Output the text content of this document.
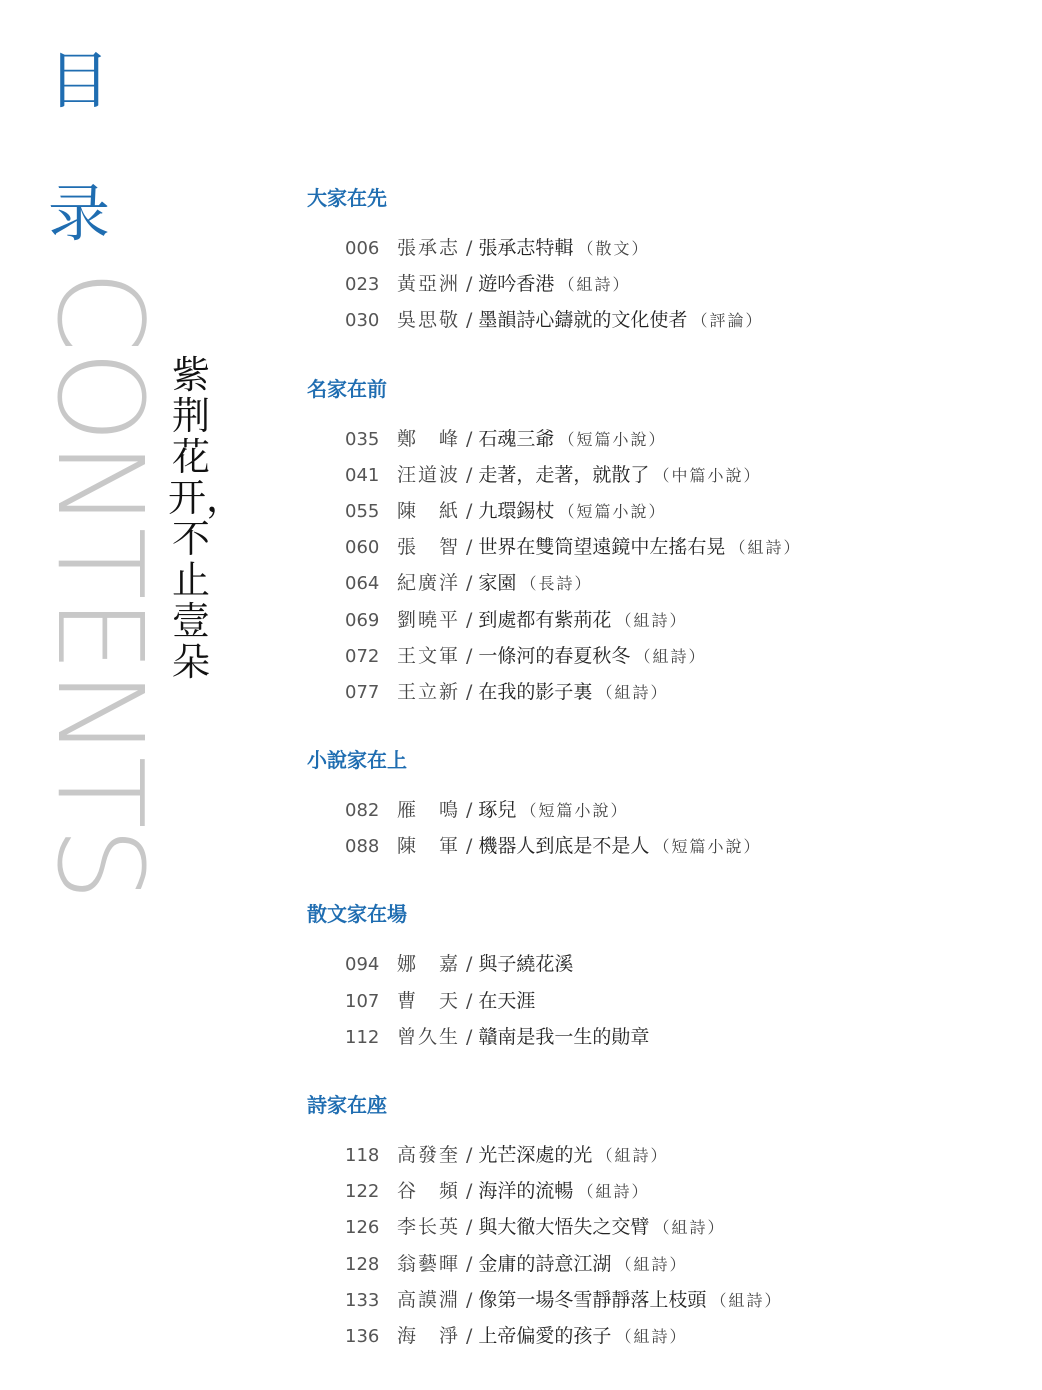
目
录
CONTENTS 紫荆花开，不止壹朵
大家在先
006 張承志 / 張承志特輯 （散文）
023 黃亞洲 / 遊吟香港 （組詩）
030 吳思敬 / 墨韻詩心鑄就的文化使者 （評論）
名家在前
035 鄭　峰 / 石魂三爺 （短篇小說）
041 汪道波 / 走著，走著，就散了 （中篇小說）
055 陳　紙 / 九環錫杖 （短篇小說）
060 張　智 / 世界在雙筒望遠鏡中左搖右晃 （組詩）
064 紀廣洋 / 家園 （長詩）
069 劉曉平 / 到處都有紫荊花 （組詩）
072 王文軍 / 一條河的春夏秋冬 （組詩）
077 王立新 / 在我的影子裏 （組詩）
小說家在上
082 雁　鳴 / 琢兒 （短篇小說）
088 陳　軍 / 機器人到底是不是人 （短篇小說）
散文家在場
094 娜　嘉 / 與子繞花溪
107 曹　天 / 在天涯
112 曾久生 / 贛南是我一生的勛章
詩家在座
118 高發奎 / 光芒深處的光 （組詩）
122 谷　頻 / 海洋的流暢 （組詩）
126 李长英 / 與大徹大悟失之交臂 （組詩）
128 翁藝暉 / 金庸的詩意江湖 （組詩）
133 高謨淵 / 像第一場冬雪靜靜落上枝頭 （組詩）
136 海　淨 / 上帝偏愛的孩子 （組詩）
